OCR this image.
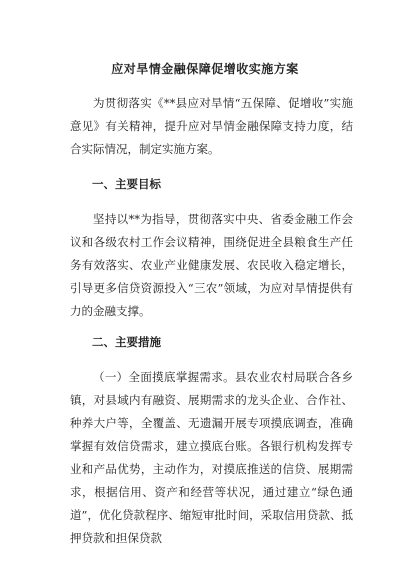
应对旱情金融保障促增收实施方案

为贯彻落实《**县应对旱情“五保障、促增收”实施意见》有关精神，提升应对旱情金融保障支持力度，结合实际情况，制定实施方案。

一、主要目标

坚持以**为指导，贯彻落实中央、省委金融工作会议和各级农村工作会议精神，围绕促进全县粮食生产任务有效落实、农业产业健康发展、农民收入稳定增长，引导更多信贷资源投入“三农”领域，为应对旱情提供有力的金融支撑。

二、主要措施

（一）全面摸底掌握需求。县农业农村局联合各乡镇，对县域内有融资、展期需求的龙头企业、合作社、种养大户等，全覆盖、无遗漏开展专项摸底调查，准确掌握有效信贷需求，建立摸底台账。各银行机构发挥专业和产品优势，主动作为，对摸底推送的信贷、展期需求，根据信用、资产和经营等状况，通过建立“绿色通道”，优化贷款程序、缩短审批时间，采取信用贷款、抵押贷款和担保贷款
